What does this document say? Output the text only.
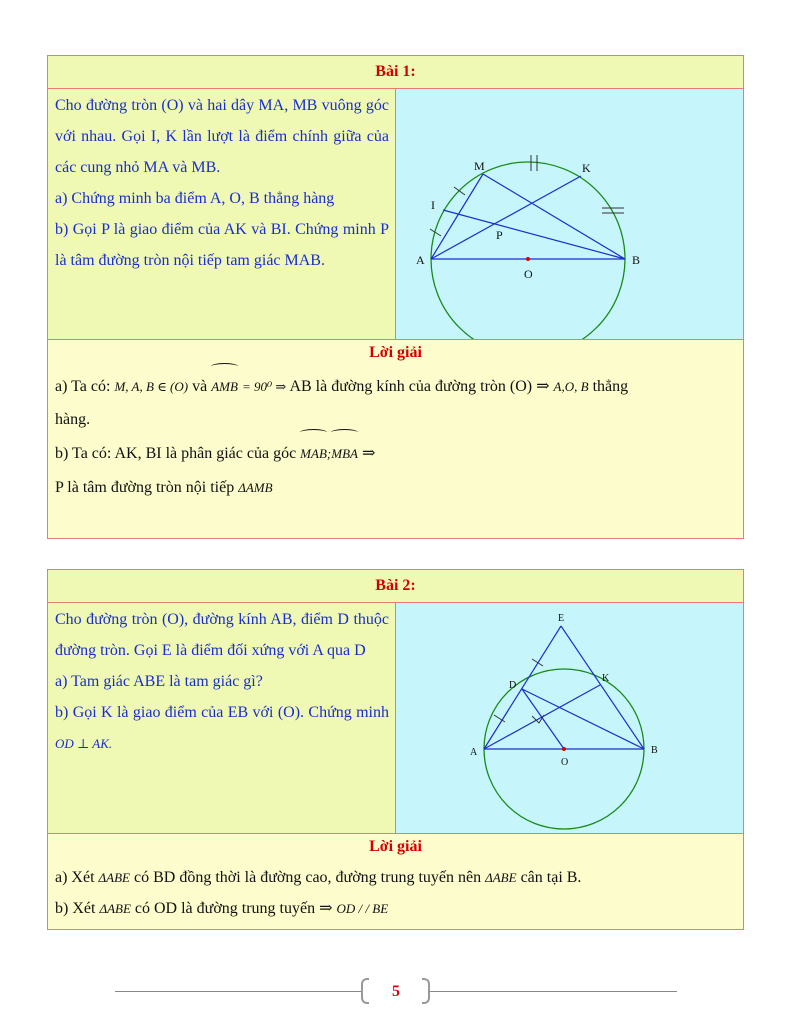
Bài 1:

Cho đường tròn (O) và hai dây MA, MB vuông góc với nhau. Gọi I, K lần lượt là điểm chính giữa của các cung nhỏ MA và MB.

a) Chứng minh ba điểm A, O, B thẳng hàng

b) Gọi P là giao điểm của AK và BI. Chứng minh P là tâm đường tròn nội tiếp tam giác MAB.

M	K
I
P
A	B
O
Lời giải

a) Ta có: M, A, B ∈ (O) và AMB = 90⁰ ⇒ AB là đường kính của đường tròn (O) ⇒ A,O, B thẳng

hàng.

b) Ta có: AK, BI là phân giác của góc MAB;MBA ⇒

P là tâm đường tròn nội tiếp ΔAMB

Bài 2:

Cho đường tròn (O), đường kính AB, điểm D thuộc đường tròn. Gọi E là điểm đối xứng với A qua D

a) Tam giác ABE là tam giác gì?

b) Gọi K là giao điểm của EB với (O). Chứng minh OD ⊥ AK.

E
D
K
A	B
O
Lời giải

a) Xét ΔABE có BD đồng thời là đường cao, đường trung tuyến nên ΔABE cân tại B.

b) Xét ΔABE có OD là đường trung tuyến ⇒ OD / / BE

5
